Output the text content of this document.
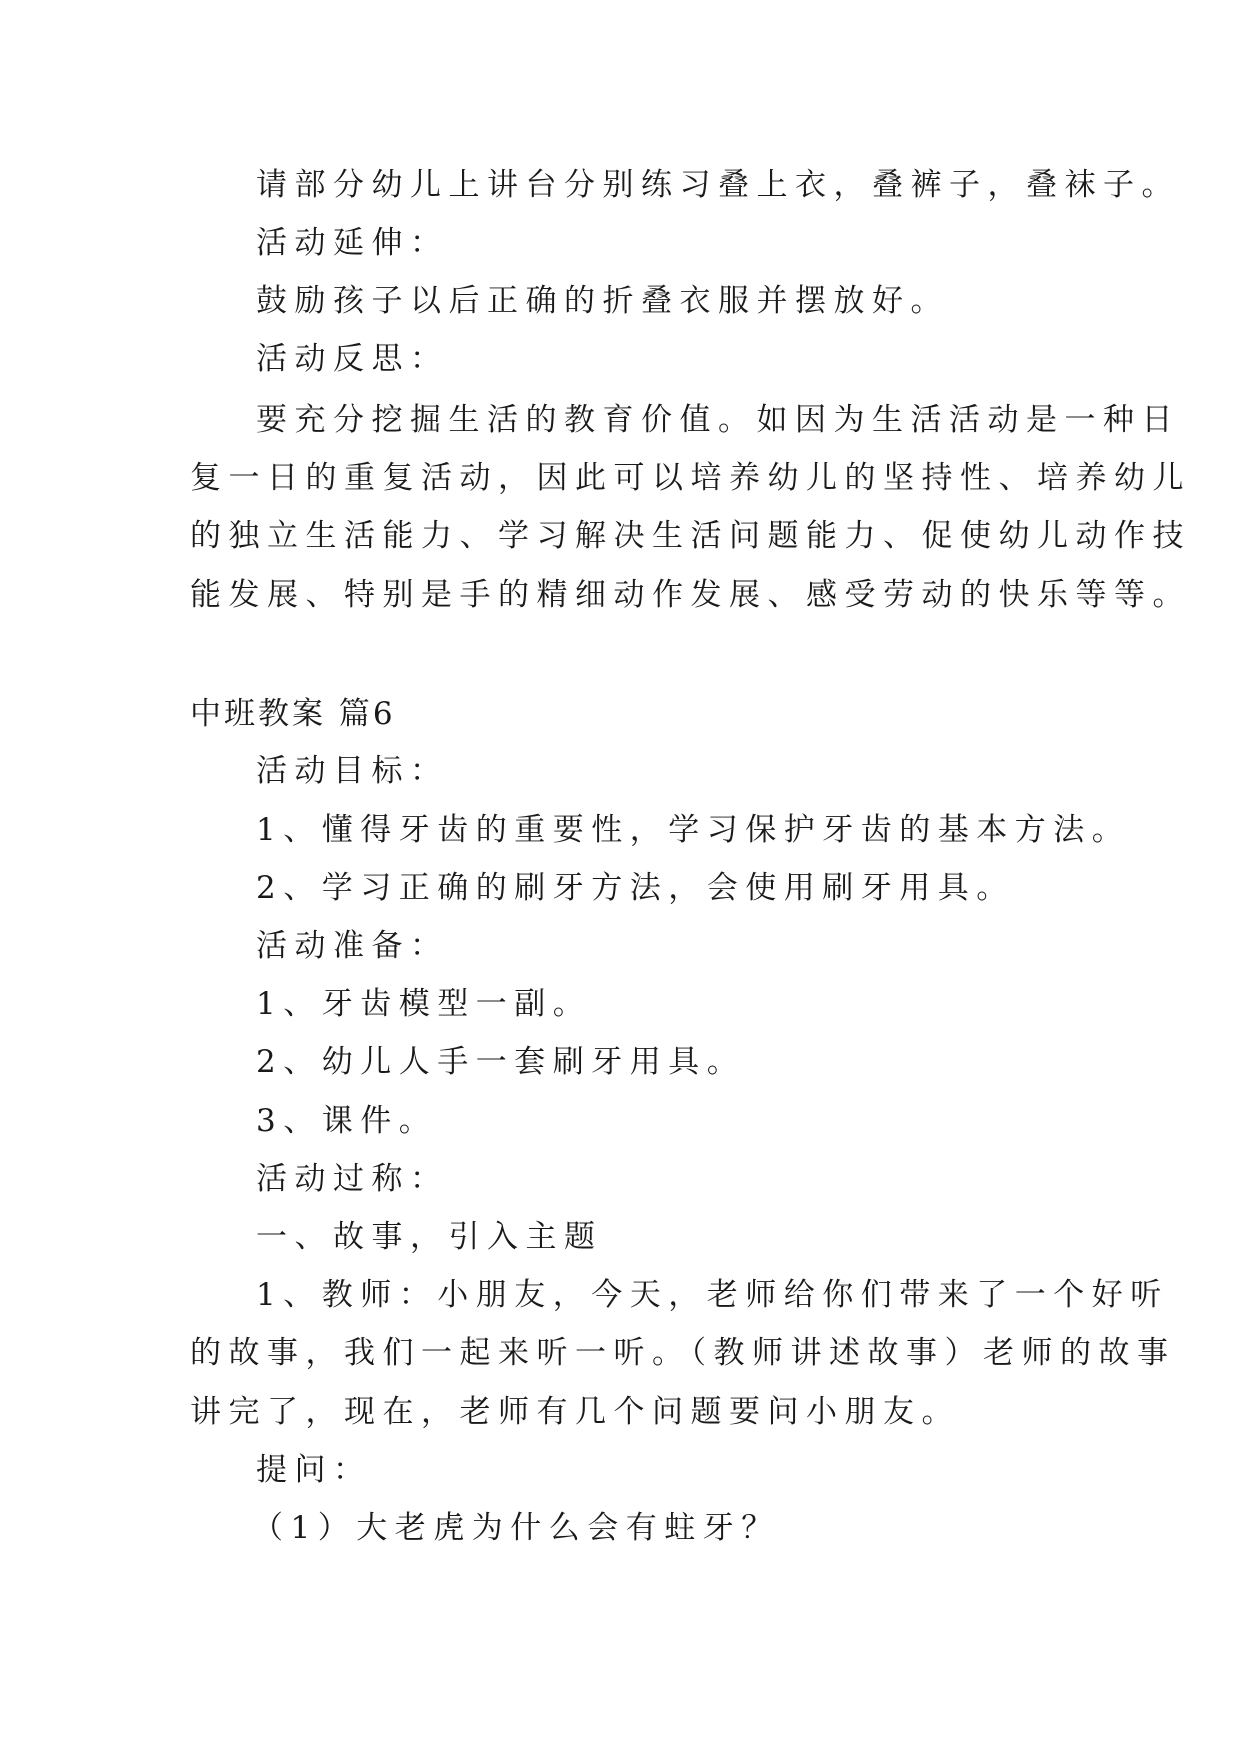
请部分幼儿上讲台分别练习叠上衣，叠裤子，叠袜子。

活动延伸：

鼓励孩子以后正确的折叠衣服并摆放好。

活动反思：

要充分挖掘生活的教育价值。如因为生活活动是一种日

复一日的重复活动，因此可以培养幼儿的坚持性、培养幼儿

的独立生活能力、学习解决生活问题能力、促使幼儿动作技

能发展、特别是手的精细动作发展、感受劳动的快乐等等。

中班教案 篇6

活动目标：

1、懂得牙齿的重要性，学习保护牙齿的基本方法。

2、学习正确的刷牙方法，会使用刷牙用具。

活动准备：

1、牙齿模型一副。

2、幼儿人手一套刷牙用具。

3、课件。

活动过称：

一、故事，引入主题

1、教师：小朋友，今天，老师给你们带来了一个好听

的故事，我们一起来听一听。（教师讲述故事）老师的故事

讲完了，现在，老师有几个问题要问小朋友。

提问：

（1）大老虎为什么会有蛀牙？
